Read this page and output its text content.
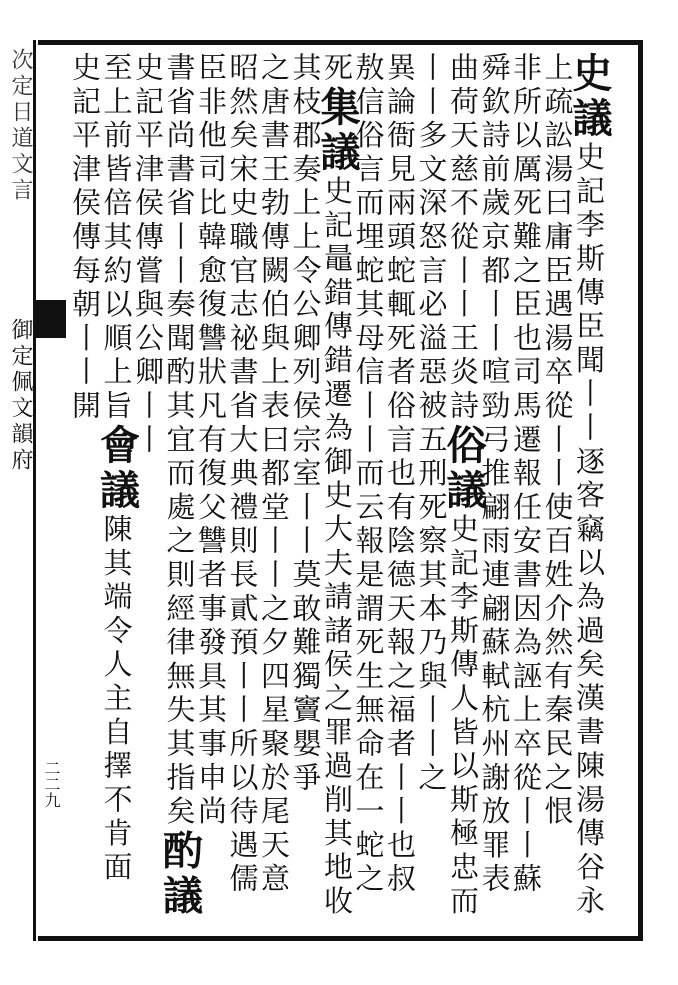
次定日道文言
御定佩文韻府
二二九
史議史記李斯傳臣聞丨丨逐客竊以為過矣漢書陳湯傳谷永
上疏訟湯曰庸臣遇湯卒從丨丨使百姓介然有秦民之恨
非所以厲死難之臣也司馬遷報任安書因為誣上卒從丨丨蘇
舜欽詩前歲京都丨丨喧勁弓推翩雨連翩蘇軾杭州謝放罪表
曲荷天慈不從丨丨王炎詩俗議史記李斯傳人皆以斯極忠而
丨丨多文深怒言必溢惡被五刑死察其本乃與丨丨之
異論衙見兩頭蛇輒死者俗言也有陰德天報之福者丨丨也叔
敖信俗言而埋蛇其母信丨丨而云報是謂死生無命在一蛇之
死集議史記鼂錯傳錯遷為御史大夫請諸侯之罪過削其地收
其枝郡奏上上令公卿列侯宗室丨丨莫敢難獨竇嬰爭
之唐書王勃傳闕伯與上表曰都堂丨丨之夕四星聚於尾天意
昭然矣宋史職官志祕書省大典禮則長貳預丨丨所以待遇儒
臣非他司比韓愈復讐狀凡有復父讐者事發具其事申尚
書省尚書省丨丨奏聞酌其宜而處之則經律無失其指矣酌議
史記平津侯傳嘗與公卿丨丨
至上前皆倍其約以順上旨會議陳其端令人主自擇不肯面
史記平津侯傳每朝丨丨開
